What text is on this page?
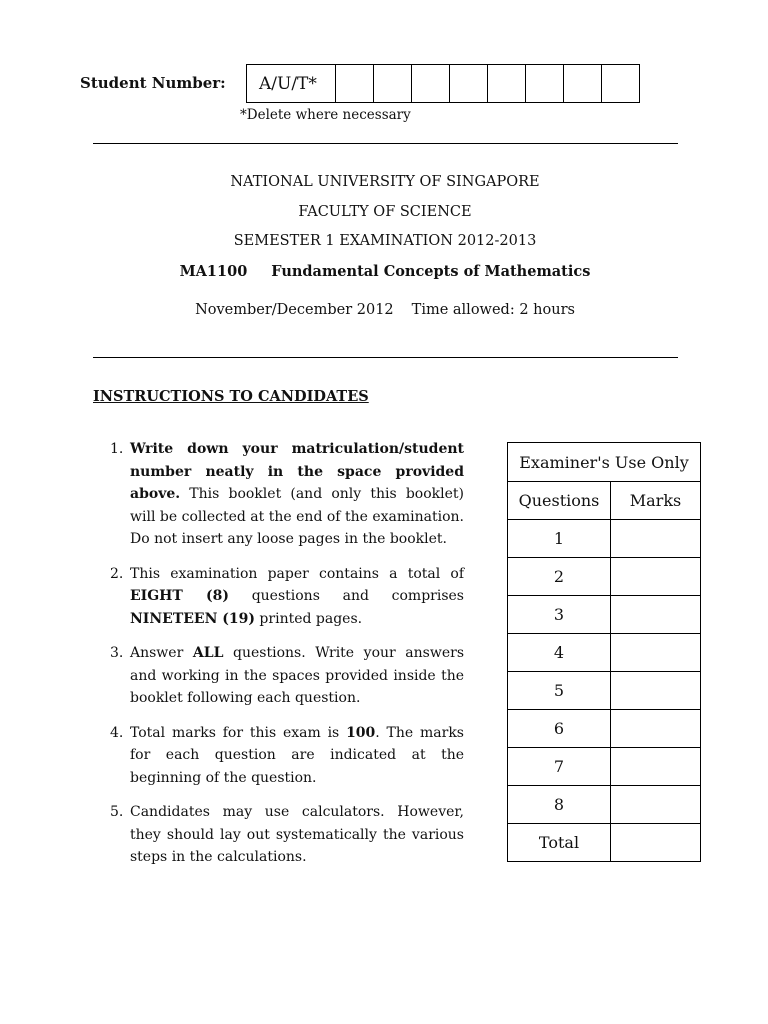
Student Number: A/U/T*								
*Delete where necessary
NATIONAL UNIVERSITY OF SINGAPORE
FACULTY OF SCIENCE
SEMESTER 1 EXAMINATION 2012-2013
MA1100 Fundamental Concepts of Mathematics
November/December 2012 Time allowed: 2 hours
INSTRUCTIONS TO CANDIDATES
1. Write down your matriculation/student number neatly in the space provided above. This booklet (and only this booklet) will be collected at the end of the examination. Do not insert any loose pages in the booklet.
2. This examination paper contains a total of EIGHT (8) questions and comprises NINETEEN (19) printed pages.
3. Answer ALL questions. Write your answers and working in the spaces provided inside the booklet following each question.
4. Total marks for this exam is 100. The marks for each question are indicated at the beginning of the question.
5. Candidates may use calculators. However, they should lay out systematically the various steps in the calculations.
Examiner's Use Only	
Questions	Marks
1	
2	
3	
4	
5	
6	
7	
8	
Total	
